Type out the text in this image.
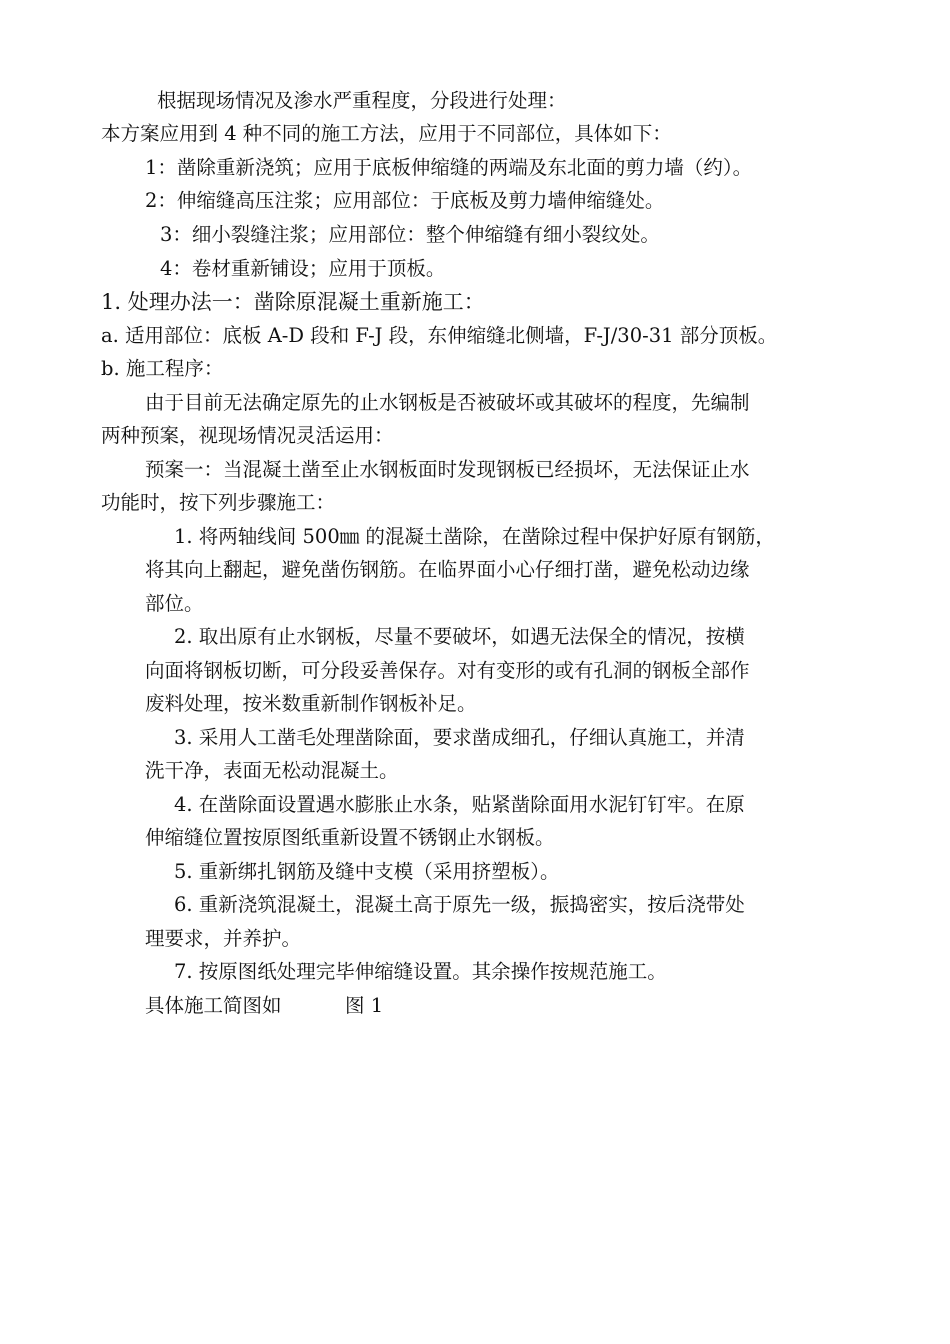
根据现场情况及渗水严重程度，分段进行处理：
本方案应用到 4 种不同的施工方法，应用于不同部位，具体如下：
1：凿除重新浇筑；应用于底板伸缩缝的两端及东北面的剪力墙（约）。
2：伸缩缝高压注浆；应用部位：于底板及剪力墙伸缩缝处。
3：细小裂缝注浆；应用部位：整个伸缩缝有细小裂纹处。
4：卷材重新铺设；应用于顶板。
1. 处理办法一：凿除原混凝土重新施工：
a. 适用部位：底板 A-D 段和 F-J 段，东伸缩缝北侧墙，F-J/30-31 部分顶板。
b. 施工程序：
由于目前无法确定原先的止水钢板是否被破坏或其破坏的程度，先编制
两种预案，视现场情况灵活运用：
预案一：当混凝土凿至止水钢板面时发现钢板已经损坏，无法保证止水
功能时，按下列步骤施工：
1. 将两轴线间 500㎜ 的混凝土凿除，在凿除过程中保护好原有钢筋，
将其向上翻起，避免凿伤钢筋。在临界面小心仔细打凿，避免松动边缘
部位。
2. 取出原有止水钢板，尽量不要破坏，如遇无法保全的情况，按横
向面将钢板切断，可分段妥善保存。对有变形的或有孔洞的钢板全部作
废料处理，按米数重新制作钢板补足。
3. 采用人工凿毛处理凿除面，要求凿成细孔，仔细认真施工，并清
洗干净，表面无松动混凝土。
4. 在凿除面设置遇水膨胀止水条，贴紧凿除面用水泥钉钉牢。在原
伸缩缝位置按原图纸重新设置不锈钢止水钢板。
5. 重新绑扎钢筋及缝中支模（采用挤塑板）。
6. 重新浇筑混凝土，混凝土高于原先一级，振捣密实，按后浇带处
理要求，并养护。
7. 按原图纸处理完毕伸缩缝设置。其余操作按规范施工。
具体施工简图如	图 1
